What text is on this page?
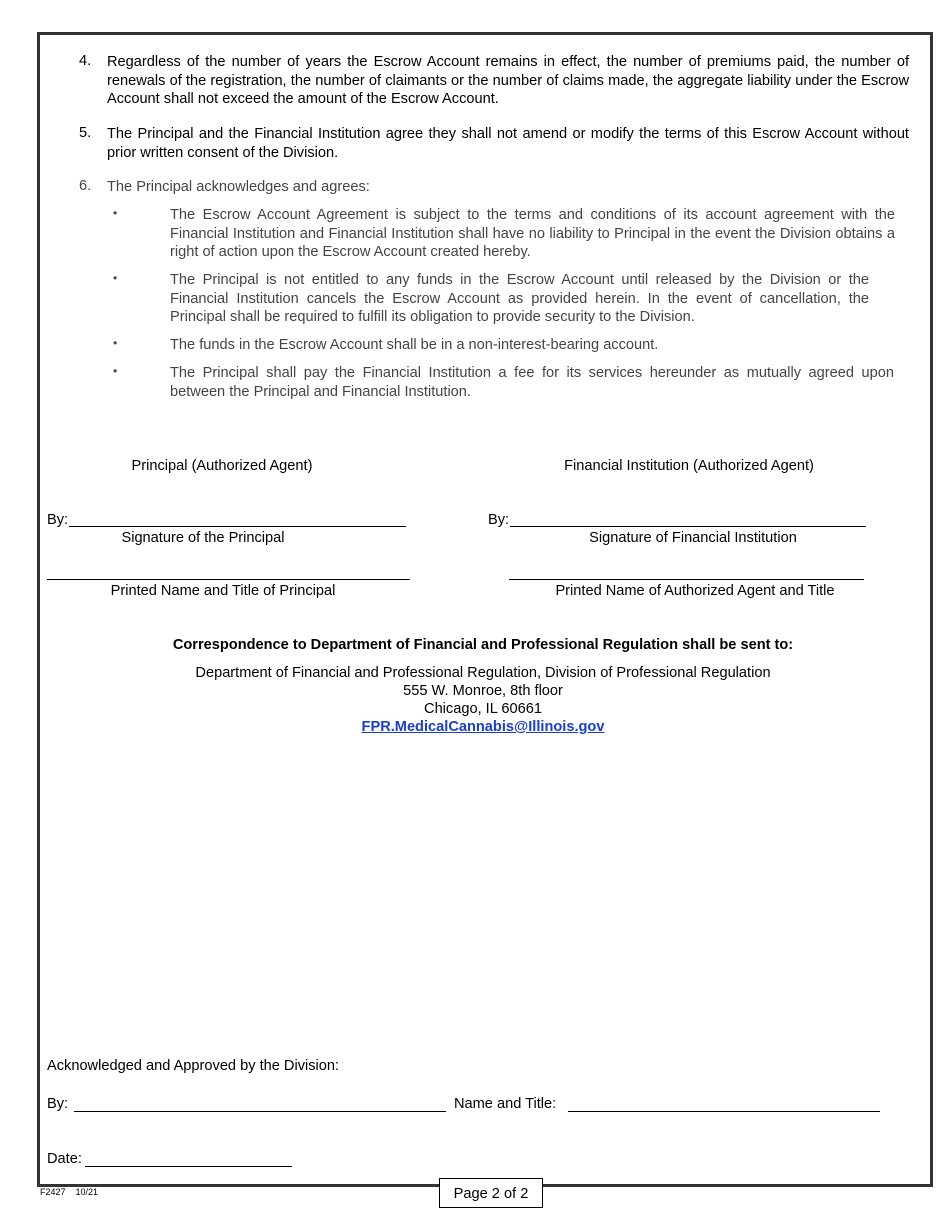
4. Regardless of the number of years the Escrow Account remains in effect, the number of premiums paid, the number of renewals of the registration, the number of claimants or the number of claims made, the aggregate liability under the Escrow Account shall not exceed the amount of the Escrow Account.
5. The Principal and the Financial Institution agree they shall not amend or modify the terms of this Escrow Account without prior written consent of the Division.
6. The Principal acknowledges and agrees:
•	The Escrow Account Agreement is subject to the terms and conditions of its account agreement with the Financial Institution and Financial Institution shall have no liability to Principal in the event the Division obtains a right of action upon the Escrow Account created hereby.
•	The Principal is not entitled to any funds in the Escrow Account until released by the Division or the Financial Institution cancels the Escrow Account as provided herein. In the event of cancellation, the Principal shall be required to fulfill its obligation to provide security to the Division.
•	The funds in the Escrow Account shall be in a non-interest-bearing account.
•	The Principal shall pay the Financial Institution a fee for its services hereunder as mutually agreed upon between the Principal and Financial Institution.
Principal (Authorized Agent)	Financial Institution (Authorized Agent)
By:	By:
Signature of the Principal	Signature of Financial Institution
Printed Name and Title of Principal	Printed Name of Authorized Agent and Title
Correspondence to Department of Financial and Professional Regulation shall be sent to:
Department of Financial and Professional Regulation, Division of Professional Regulation
555 W. Monroe, 8th floor
Chicago, IL 60661
FPR.MedicalCannabis@Illinois.gov
Acknowledged and Approved by the Division:
By:	Name and Title:
Date:
F2427    10/21	Page 2 of 2
